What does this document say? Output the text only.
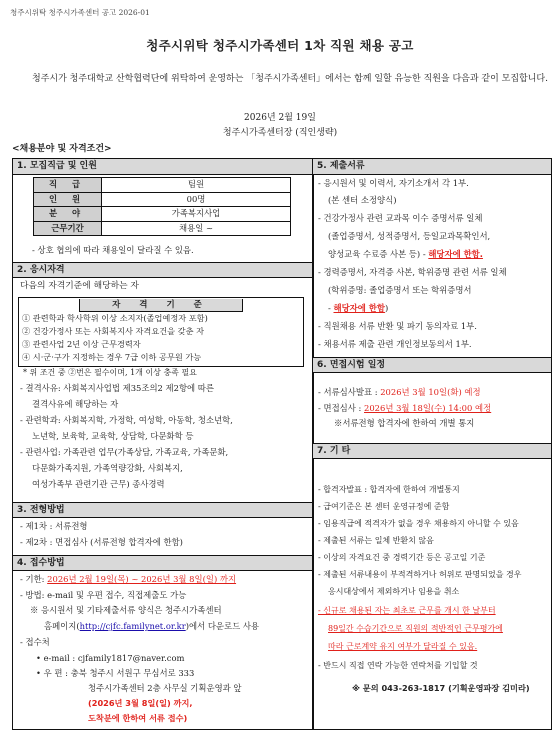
청주시위탁 청주시가족센터 공고 2026-01
청주시위탁 청주시가족센터 1차 직원 채용 공고
청주시가 청주대학교 산학협력단에 위탁하여 운영하는 「청주시가족센터」에서는 함께 일할 유능한 직원을 다음과 같이 모집합니다.
2026년 2월 19일
청주시가족센터장 (직인생략)
<채용분야 및 자격조건>
1. 모집직급 및 인원
직 급	팀원
인 원	00명
분 야	가족복지사업
근무기간	채용일 ~
- 상호 협의에 따라 채용일이 달라질 수 있음.
2. 응시자격
다음의 자격기준에 해당하는 자
자 격 기 준
① 관련학과 학사학위 이상 소지자(졸업예정자 포함)
② 건강가정사 또는 사회복지사 자격요건을 갖춘 자
③ 관련사업 2년 이상 근무경력자
④ 시·군·구가 지정하는 경우 7급 이하 공무원 가능
* 위 조건 중 ②번은 필수이며, 1개 이상 충족 필요
- 결격사유: 사회복지사업법 제35조의2 제2항에 따른
결격사유에 해당하는 자
- 관련학과: 사회복지학, 가정학, 여성학, 아동학, 청소년학,
노년학, 보육학, 교육학, 상담학, 다문화학 등
- 관련사업: 가족관련 업무(가족상담, 가족교육, 가족문화,
다문화가족지원, 가족역량강화, 사회복지,
여성가족부 관련기관 근무) 종사경력
3. 전형방법
- 제1차 : 서류전형
- 제2차 : 면접심사 (서류전형 합격자에 한함)
4. 접수방법
- 기한: 2026년 2월 19일(목) ~ 2026년 3월 8일(일) 까지
- 방법: e-mail 및 우편 접수, 직접제출도 가능
※ 응시원서 및 기타제출서류 양식은 청주시가족센터
홈페이지(http://cjfc.familynet.or.kr)에서 다운로드 사용
- 접수처
• e-mail : cjfamily1817@naver.com
• 우 편 : 충북 청주시 서원구 무심서로 333
청주시가족센터 2층 사무실 기획운영과 앞
(2026년 3월 8일(일) 까지,
도착분에 한하여 서류 접수)
5. 제출서류
- 응시원서 및 이력서, 자기소개서 각 1부.
(본 센터 소정양식)
- 건강가정사 관련 교과목 이수 증명서류 일체
(졸업증명서, 성적증명서, 등일교과목확인서,
양성교육 수료증 사본 등) - 해당자에 한함.
- 경력증명서, 자격증 사본, 학위증명 관련 서류 일체
(학위증명: 졸업증명서 또는 학위증명서
- 해당자에 한함)
- 직원채용 서류 반환 및 파기 동의자료 1부.
- 채용서류 제출 관련 개인정보동의서 1부.
6. 면접시험 일정
- 서류심사발표 : 2026년 3월 10일(화) 예정
- 면접심사 : 2026년 3월 18일(수) 14:00 예정
※서류전형 합격자에 한하여 개별 통지
7. 기 타
- 합격자발표 : 합격자에 한하여 개별통지
- 급여기준은 본 센터 운영규정에 준함
- 임용직급에 적격자가 없을 경우 채용하지 아니할 수 있음
- 제출된 서류는 일체 반환치 않음
- 이상의 자격요건 중 경력기간 등은 공고일 기준
- 제출된 서류내용이 부적격하거나 허위로 판명되었을 경우
응시대상에서 제외하거나 임용을 취소
- 신규로 채용된 자는 최초로 근무를 개시 한 날부터
89일간 수습기간으로 직원의 적반적인 근무평가에
따라 근로계약 유지 여부가 달라질 수 있음.
- 반드시 직접 연락 가능한 연락처를 기입할 것
※ 문의 043-263-1817 (기획운영파장 김미라)
